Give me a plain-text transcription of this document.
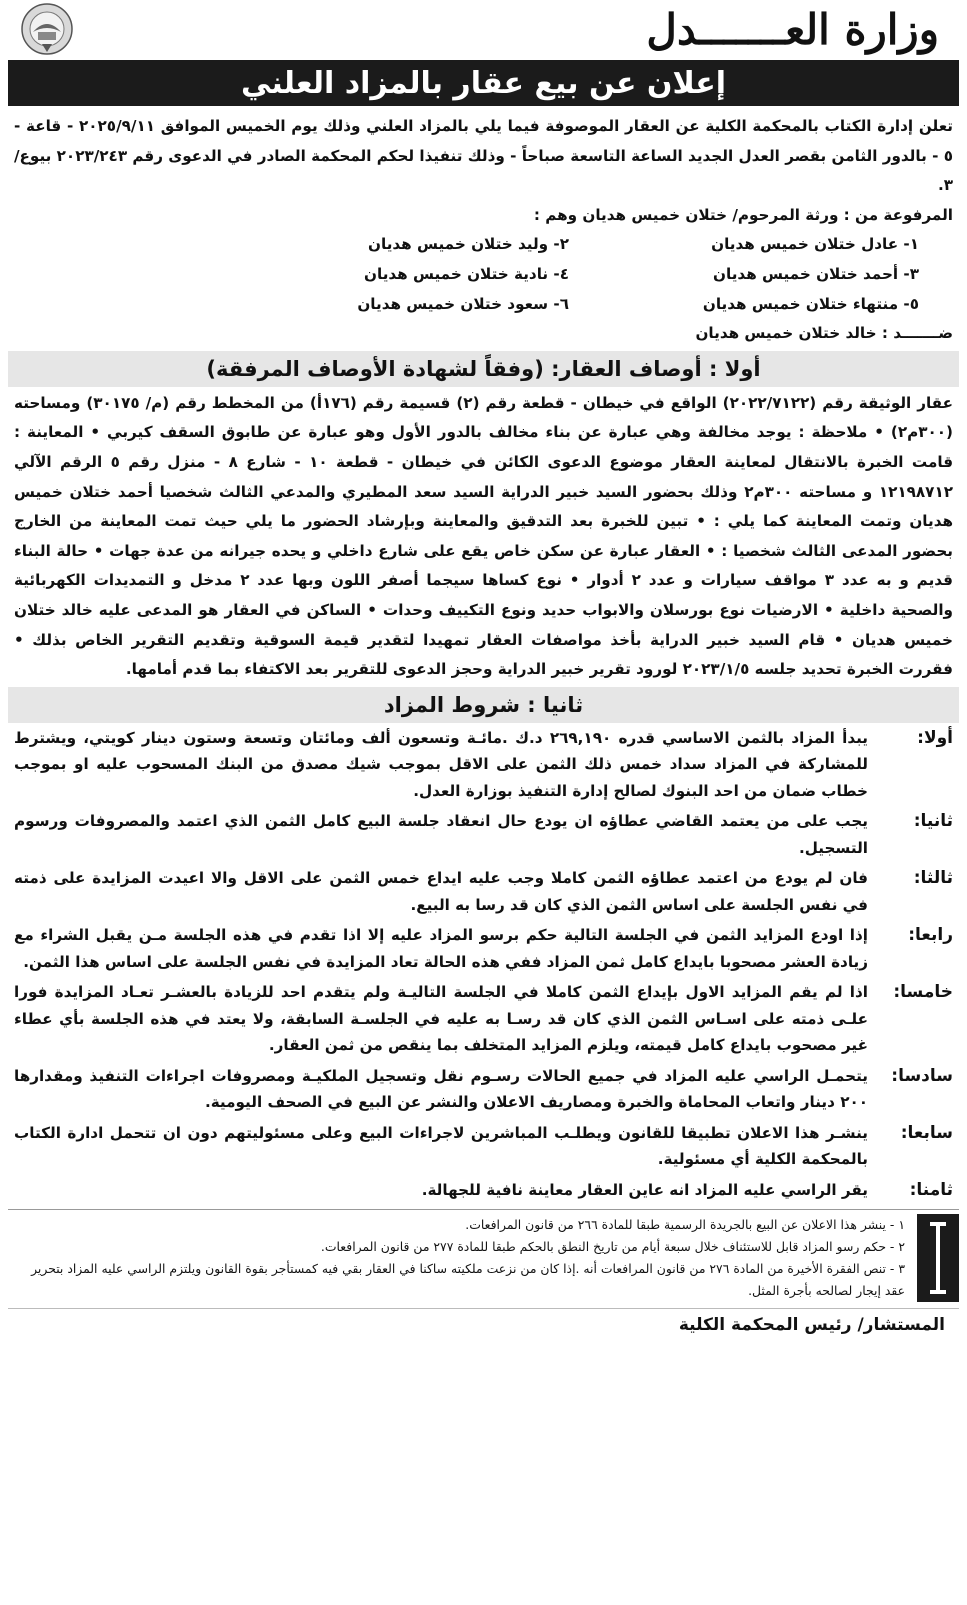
وزارة العـــــــدل
إعلان عن بيع عقار بالمزاد العلني

تعلن إدارة الكتاب بالمحكمة الكلية عن العقار الموصوفة فيما يلي بالمزاد العلني وذلك يوم الخميس الموافق ٢٠٢٥/٩/١١ - قاعة - ٥ - بالدور الثامن بقصر العدل الجديد الساعة التاسعة صباحاً - وذلك تنفيذا لحكم المحكمة الصادر في الدعوى رقم ٢٠٢٣/٢٤٣ بيوع/٣.

المرفوعة من : ورثة المرحوم/ ختلان خميس هديان وهم :

١- عادل ختلان خميس هديان
٢- وليد ختلان خميس هديان
٣- أحمد ختلان خميس هديان
٤- نادية ختلان خميس هديان
٥- منتهاء ختلان خميس هديان
٦- سعود ختلان خميس هديان
ضـــــــد : خالد ختلان خميس هديان
أولا : أوصاف العقار: (وفقاً لشهادة الأوصاف المرفقة)

عقار الوثيقة رقم (٢٠٢٢/٧١٢٢) الواقع في خيطان - قطعة رقم (٢) قسيمة رقم (١٧٦أ) من المخطط رقم (م/ ٣٠١٧٥) ومساحته (٣٠٠م٢) • ملاحظة : يوجد مخالفة وهي عبارة عن بناء مخالف بالدور الأول وهو عبارة عن طابوق السقف كيربي • المعاينة : قامت الخبرة بالانتقال لمعاينة العقار موضوع الدعوى الكائن في خيطان - قطعة ١٠ - شارع ٨ - منزل رقم ٥ الرقم الآلي ١٢١٩٨٧١٢ و مساحته ٣٠٠م٢ وذلك بحضور السيد خبير الدراية السيد سعد المطيري والمدعي الثالث شخصيا أحمد ختلان خميس هديان وتمت المعاينة كما يلي : • تبين للخبرة بعد التدقيق والمعاينة وبإرشاد الحضور ما يلي حيث تمت المعاينة من الخارج بحضور المدعى الثالث شخصيا : • العقار عبارة عن سكن خاص يقع على شارع داخلي و يحده جيرانه من عدة جهات • حالة البناء قديم و به عدد ٣ مواقف سيارات و عدد ٢ أدوار • نوع كساها سيجما أصفر اللون وبها عدد ٢ مدخل و التمديدات الكهربائية والصحية داخلية • الارضيات نوع بورسلان والابواب حديد ونوع التكييف وحدات • الساكن في العقار هو المدعى عليه خالد ختلان خميس هديان • قام السيد خبير الدراية بأخذ مواصفات العقار تمهيدا لتقدير قيمة السوقية وتقديم التقرير الخاص بذلك • فقررت الخبرة تحديد جلسه ٢٠٢٣/١/٥ لورود تقرير خبير الدراية وحجز الدعوى للتقرير بعد الاكتفاء بما قدم أمامها.

ثانيا : شروط المزاد
أولا:
يبدأ المزاد بالثمن الاساسي قدره ٢٦٩,١٩٠ د.ك .مائـة وتسعون ألف ومائتان وتسعة وستون دينار كويتي، ويشترط للمشاركة في المزاد سداد خمس ذلك الثمن على الاقل بموجب شيك مصدق من البنك المسحوب عليه او بموجب خطاب ضمان من احد البنوك لصالح إدارة التنفيذ بوزارة العدل.
ثانيا:
يجب على من يعتمد القاضي عطاؤه ان يودع حال انعقاد جلسة البيع كامل الثمن الذي اعتمد والمصروفات ورسوم التسجيل.
ثالثا:
فان لم يودع من اعتمد عطاؤه الثمن كاملا وجب عليه ايداع خمس الثمن على الاقل والا اعيدت المزايدة على ذمته في نفس الجلسة على اساس الثمن الذي كان قد رسا به البيع.
رابعا:
إذا اودع المزايد الثمن في الجلسة التالية حكم برسو المزاد عليه إلا اذا تقدم في هذه الجلسة مـن يقبل الشراء مع زيادة العشر مصحوبا بايداع كامل ثمن المزاد ففي هذه الحالة تعاد المزايدة في نفس الجلسة على اساس هذا الثمن.
خامسا:
اذا لم يقم المزايد الاول بإيداع الثمن كاملا في الجلسة التاليـة ولم يتقدم احد للزيادة بالعشـر تعـاد المزايدة فورا علـى ذمته على اسـاس الثمن الذي كان قد رسـا به عليه في الجلسـة السابقة، ولا يعتد في هذه الجلسة بأي عطاء غير مصحوب بايداع كامل قيمته، ويلزم المزايد المتخلف بما ينقص من ثمن العقار.
سادسا:
يتحمـل الراسي عليه المزاد في جميع الحالات رسـوم نقل وتسجيل الملكيـة ومصروفات اجراءات التنفيذ ومقدارها ٢٠٠ دينار واتعاب المحاماة والخبرة ومصاريف الاعلان والنشر عن البيع في الصحف اليومية.
سابعا:
ينشـر هذا الاعلان تطبيقا للقانون ويطلـب المباشرين لاجراءات البيع وعلى مسئوليتهم دون ان تتحمل ادارة الكتاب بالمحكمة الكلية أي مسئولية.
ثامنا:
يقر الراسي عليه المزاد انه عاين العقار معاينة نافية للجهالة.
١ - ينشر هذا الاعلان عن البيع بالجريدة الرسمية طبقا للمادة ٢٦٦ من قانون المرافعات.
٢ - حكم رسو المزاد قابل للاستئناف خلال سبعة أيام من تاريخ النطق بالحكم طبقا للمادة ٢٧٧ من قانون المرافعات.
٣ - تنص الفقرة الأخيرة من المادة ٢٧٦ من قانون المرافعات أنه .إذا كان من نزعت ملكيته ساكنا في العقار بقي فيه كمستأجر بقوة القانون ويلتزم الراسي عليه المزاد بتحرير عقد إيجار لصالحه بأجرة المثل.
المستشار/ رئيس المحكمة الكلية
